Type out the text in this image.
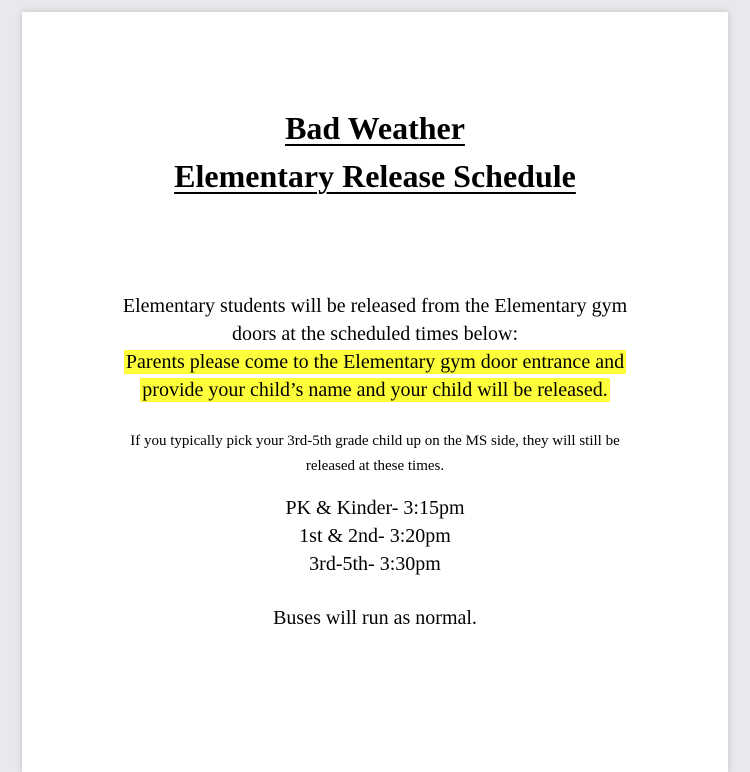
Bad Weather
Elementary Release Schedule
Elementary students will be released from the Elementary gym
doors at the scheduled times below:
Parents please come to the Elementary gym door entrance and
provide your child’s name and your child will be released.
If you typically pick your 3rd-5th grade child up on the MS side, they will still be
released at these times.
PK & Kinder- 3:15pm
1st & 2nd- 3:20pm
3rd-5th- 3:30pm
Buses will run as normal.
